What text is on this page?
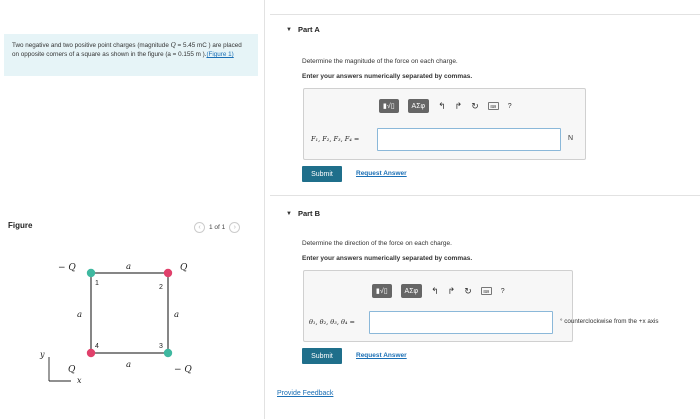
Two negative and two positive point charges (magnitude Q = 5.45 mC ) are placed on opposite corners of a square as shown in the figure (a = 0.155 m ).(Figure 1)
Figure	‹	1 of 1	›
− Q	Q
Q	− Q
a
a	a
a
1
2
3
4
y
x
▼ Part A
Determine the magnitude of the force on each charge.
Enter your answers numerically separated by commas.
▮√▯	ΑΣφ	↰ ↱ ↻	⌨	?
F₁, F₂, F₃, F₄ =	N
Submit	Request Answer
▼ Part B
Determine the direction of the force on each charge.
Enter your answers numerically separated by commas.
▮√▯	ΑΣφ	↰ ↱ ↻	⌨	?
θ₁, θ₂, θ₃, θ₄ =	° counterclockwise from the +x axis
Submit	Request Answer
Provide Feedback
